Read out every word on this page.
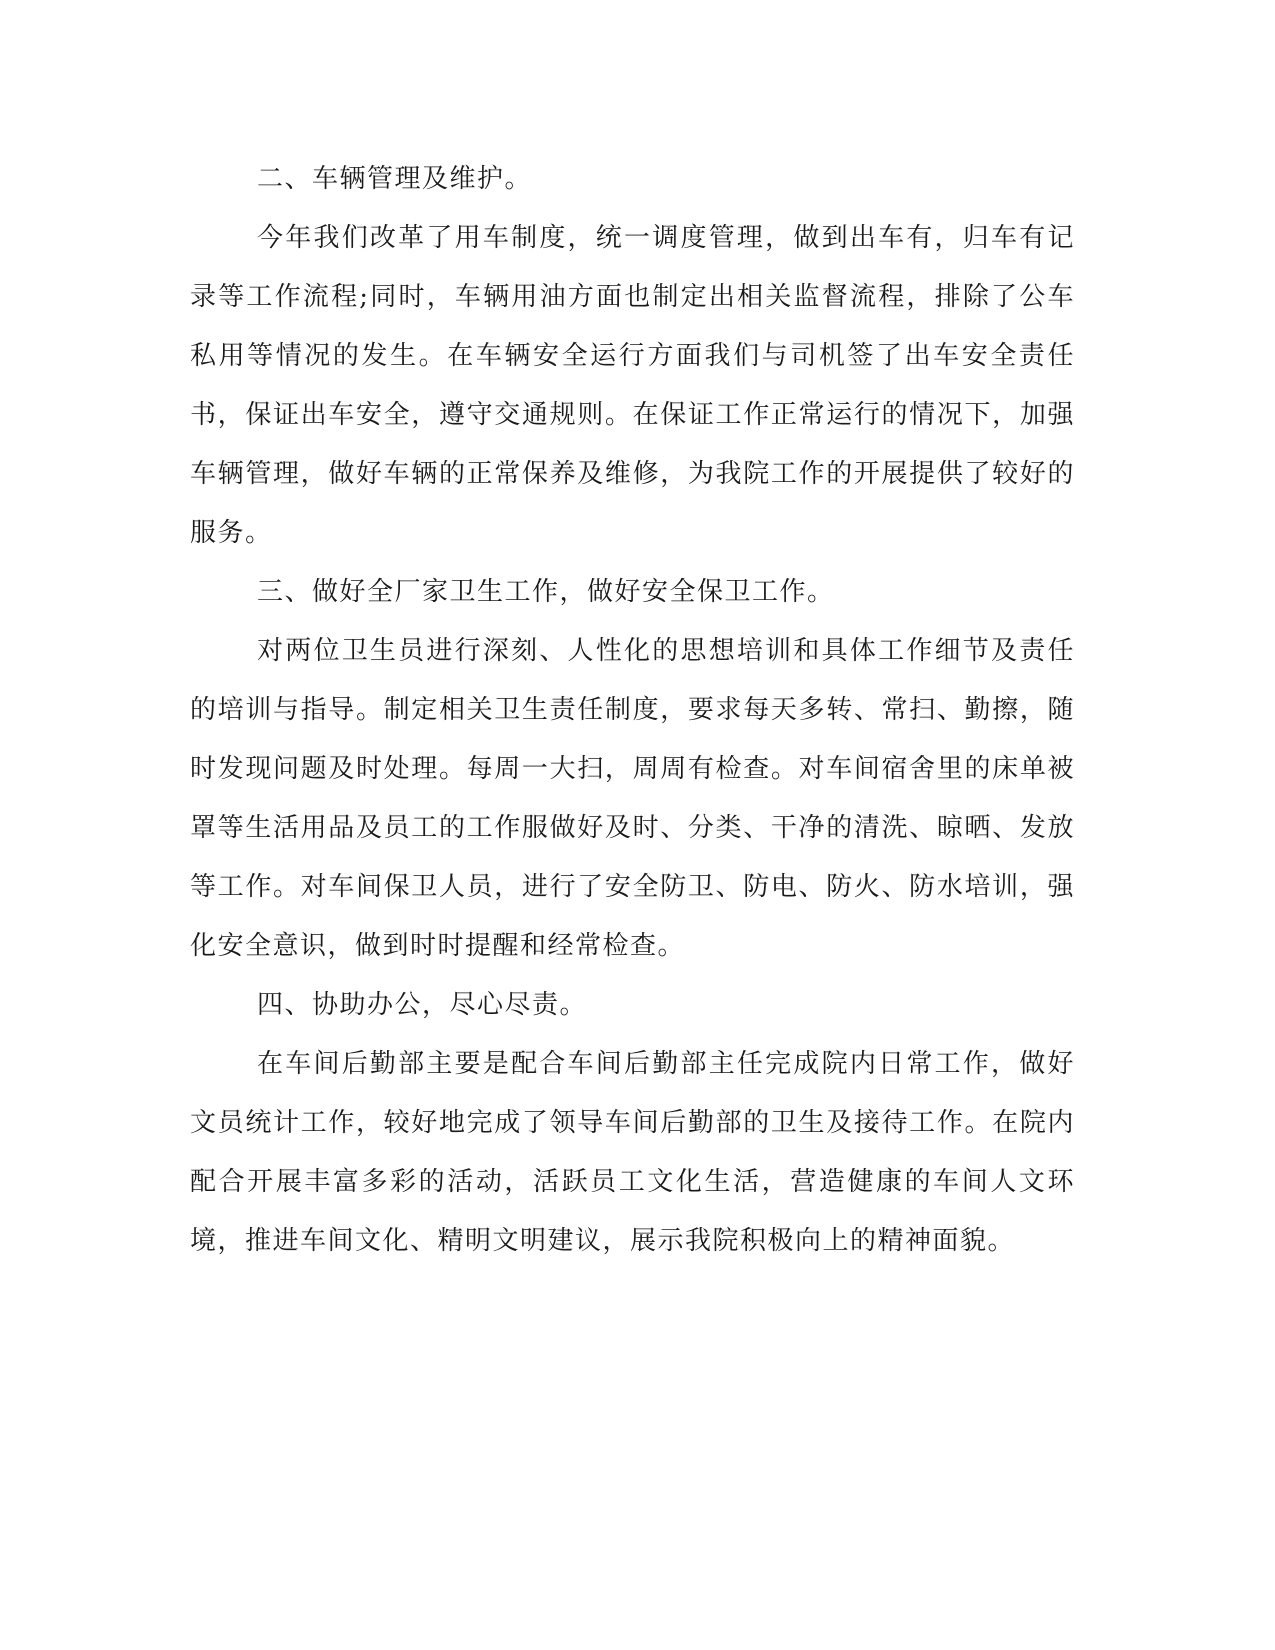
二、车辆管理及维护。

今年我们改革了用车制度，统一调度管理，做到出车有，归车有记录等工作流程;同时，车辆用油方面也制定出相关监督流程，排除了公车私用等情况的发生。在车辆安全运行方面我们与司机签了出车安全责任书，保证出车安全，遵守交通规则。在保证工作正常运行的情况下，加强车辆管理，做好车辆的正常保养及维修，为我院工作的开展提供了较好的服务。

三、做好全厂家卫生工作，做好安全保卫工作。

对两位卫生员进行深刻、人性化的思想培训和具体工作细节及责任的培训与指导。制定相关卫生责任制度，要求每天多转、常扫、勤擦，随时发现问题及时处理。每周一大扫，周周有检查。对车间宿舍里的床单被罩等生活用品及员工的工作服做好及时、分类、干净的清洗、晾晒、发放等工作。对车间保卫人员，进行了安全防卫、防电、防火、防水培训，强化安全意识，做到时时提醒和经常检查。

四、协助办公，尽心尽责。

在车间后勤部主要是配合车间后勤部主任完成院内日常工作，做好文员统计工作，较好地完成了领导车间后勤部的卫生及接待工作。在院内配合开展丰富多彩的活动，活跃员工文化生活，营造健康的车间人文环境，推进车间文化、精明文明建议，展示我院积极向上的精神面貌。
